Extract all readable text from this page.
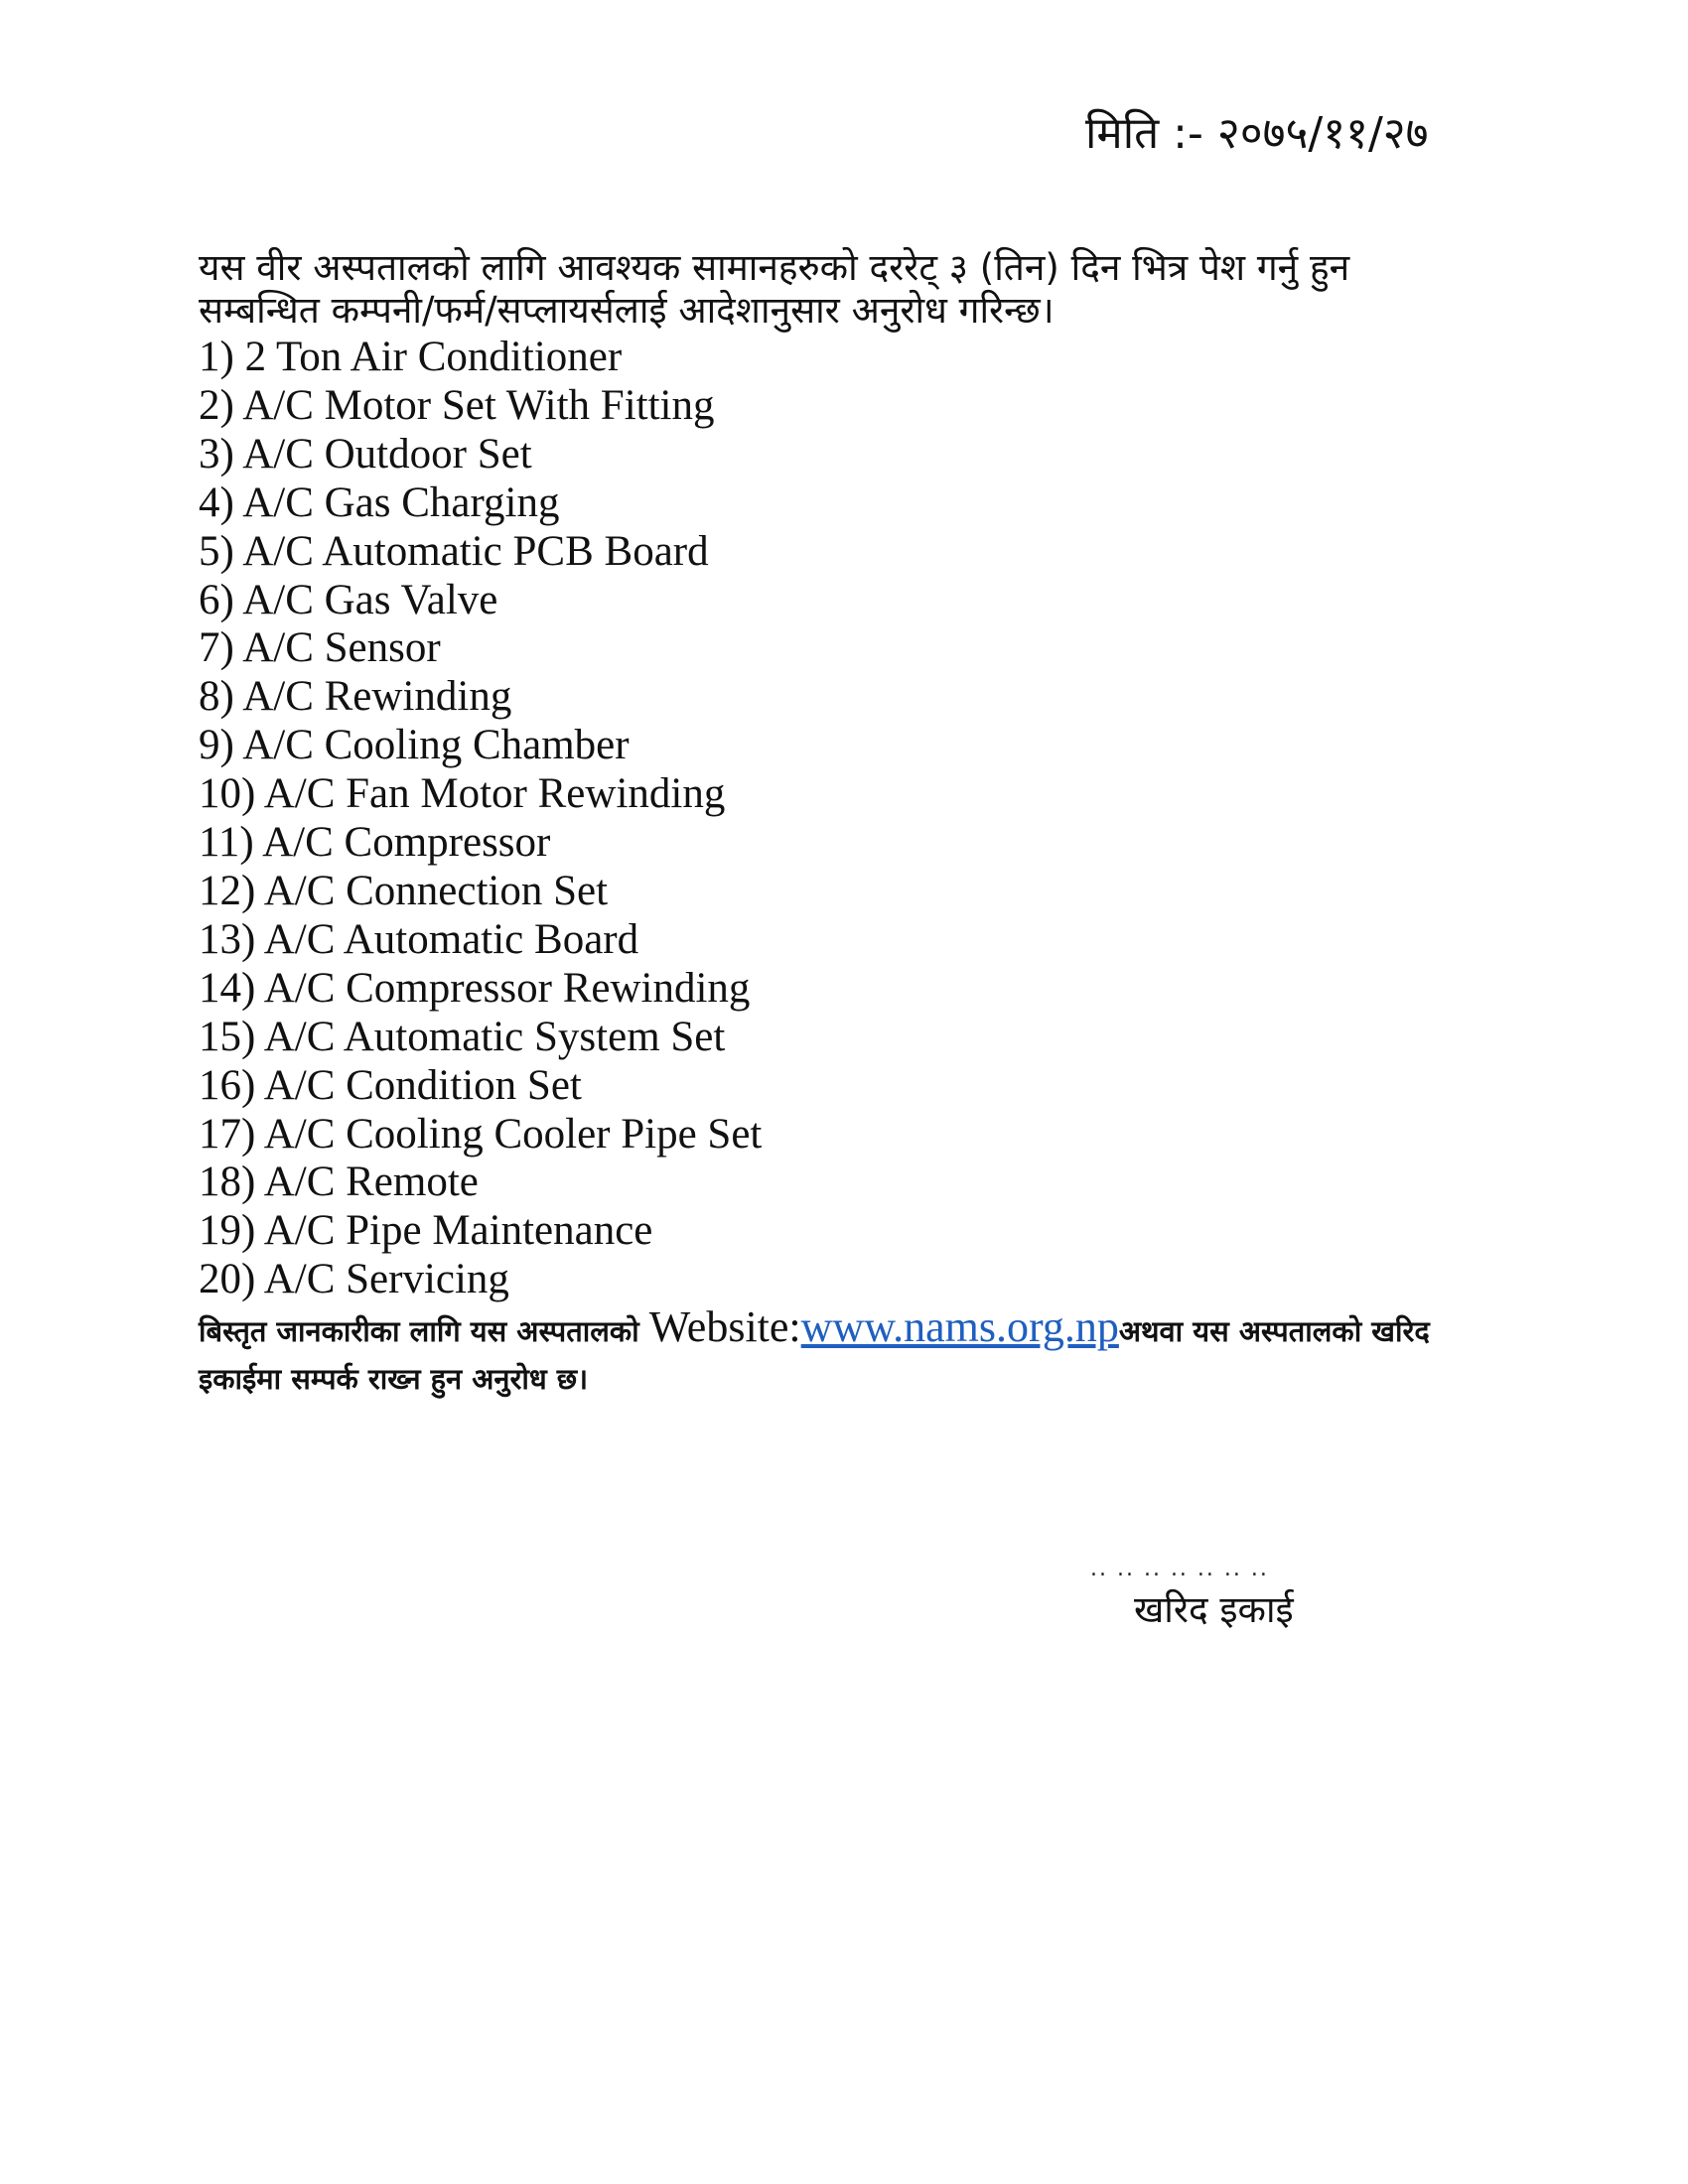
मिति :- २०७५/११/२७

यस वीर अस्पतालको लागि आवश्यक सामानहरुको दररेट् ३ (तिन) दिन भित्र पेश गर्नु हुन

सम्बन्धित कम्पनी/फर्म/सप्लायर्सलाई आदेशानुसार अनुरोध गरिन्छ।

1) 2 Ton Air Conditioner
2) A/C Motor Set With Fitting
3) A/C Outdoor Set
4) A/C Gas Charging
5) A/C Automatic PCB Board
6) A/C Gas Valve
7) A/C Sensor
8) A/C Rewinding
9) A/C Cooling Chamber
10) A/C Fan Motor Rewinding
11) A/C Compressor
12) A/C Connection Set
13) A/C Automatic Board
14) A/C Compressor Rewinding
15) A/C Automatic System Set
16) A/C Condition Set
17) A/C Cooling Cooler Pipe Set
18) A/C Remote
19) A/C Pipe Maintenance
20) A/C Servicing

बिस्तृत जानकारीका लागि यस अस्पतालको Website:www.nams.org.npअथवा यस अस्पतालको खरिद

इकाईमा सम्पर्क राख्न हुन अनुरोध छ।

.. .. .. .. .. .. ..
खरिद इकाई
